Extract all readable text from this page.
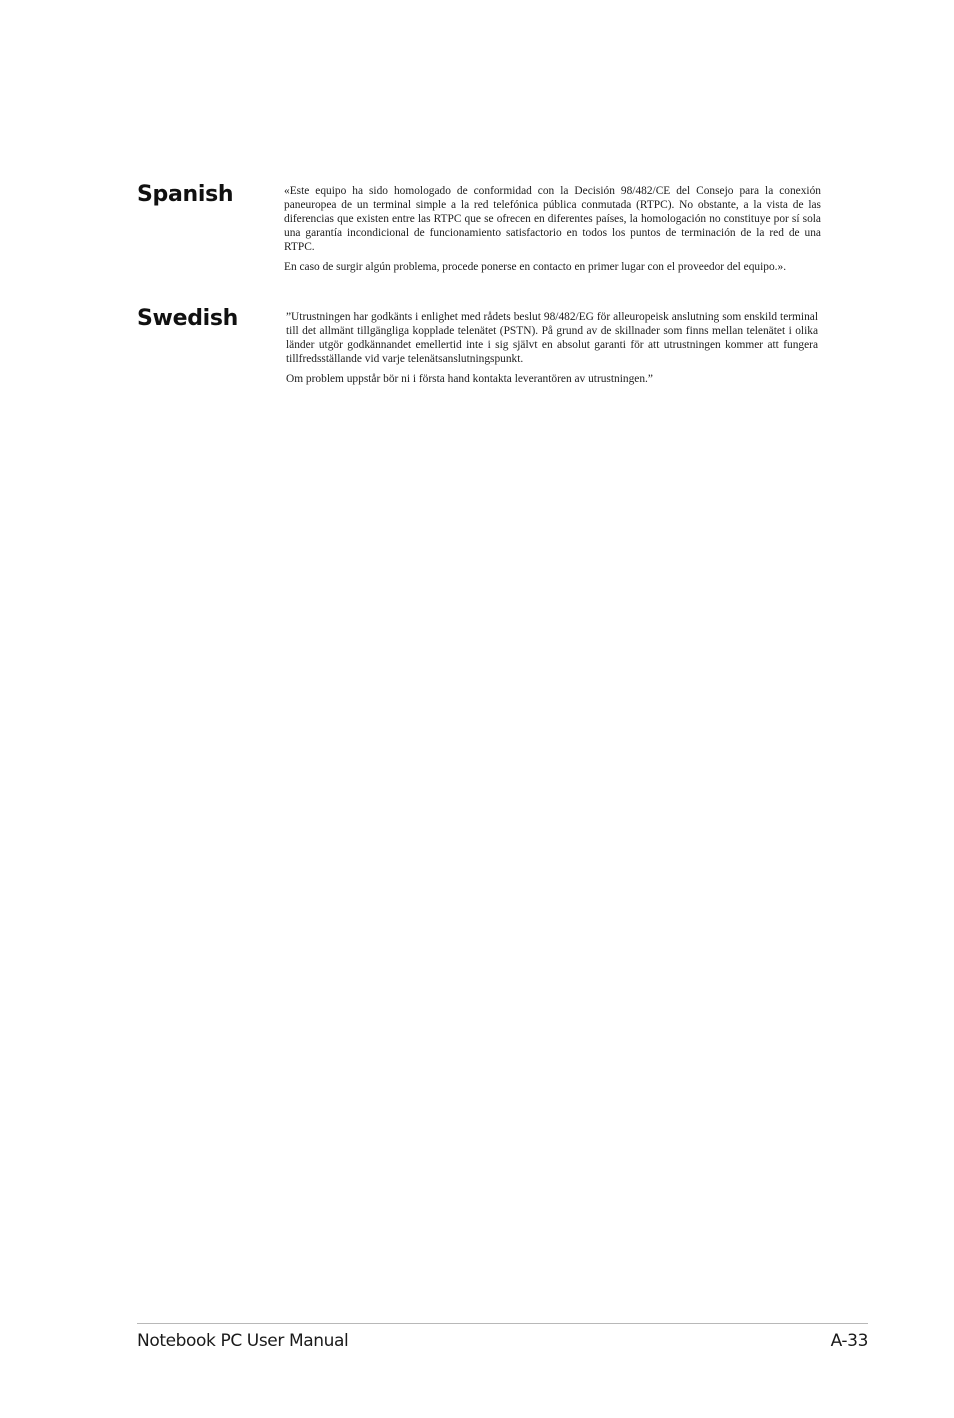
Spanish	«Este equipo ha sido homologado de conformidad con la Decisión 98/482/CE del Consejo para la conexión paneuropea de un terminal simple a la red telefónica pública conmutada (RTPC). No obstante, a la vista de las diferencias que existen entre las RTPC que se ofrecen en diferentes países, la homologación no constituye por sí sola una garantía incondicional de funcionamiento satisfactorio en todos los puntos de terminación de la red de una RTPC.

En caso de surgir algún problema, procede ponerse en contacto en primer lugar con el proveedor del equipo.».

Swedish	”Utrustningen har godkänts i enlighet med rådets beslut 98/482/EG för alleuropeisk anslutning som enskild terminal till det allmänt tillgängliga kopplade telenätet (PSTN). På grund av de skillnader som finns mellan telenätet i olika länder utgör godkännandet emellertid inte i sig självt en absolut garanti för att utrustningen kommer att fungera tillfredsställande vid varje telenätsanslutningspunkt.

Om problem uppstår bör ni i första hand kontakta leverantören av utrustningen.”

Notebook PC User Manual	A-33
